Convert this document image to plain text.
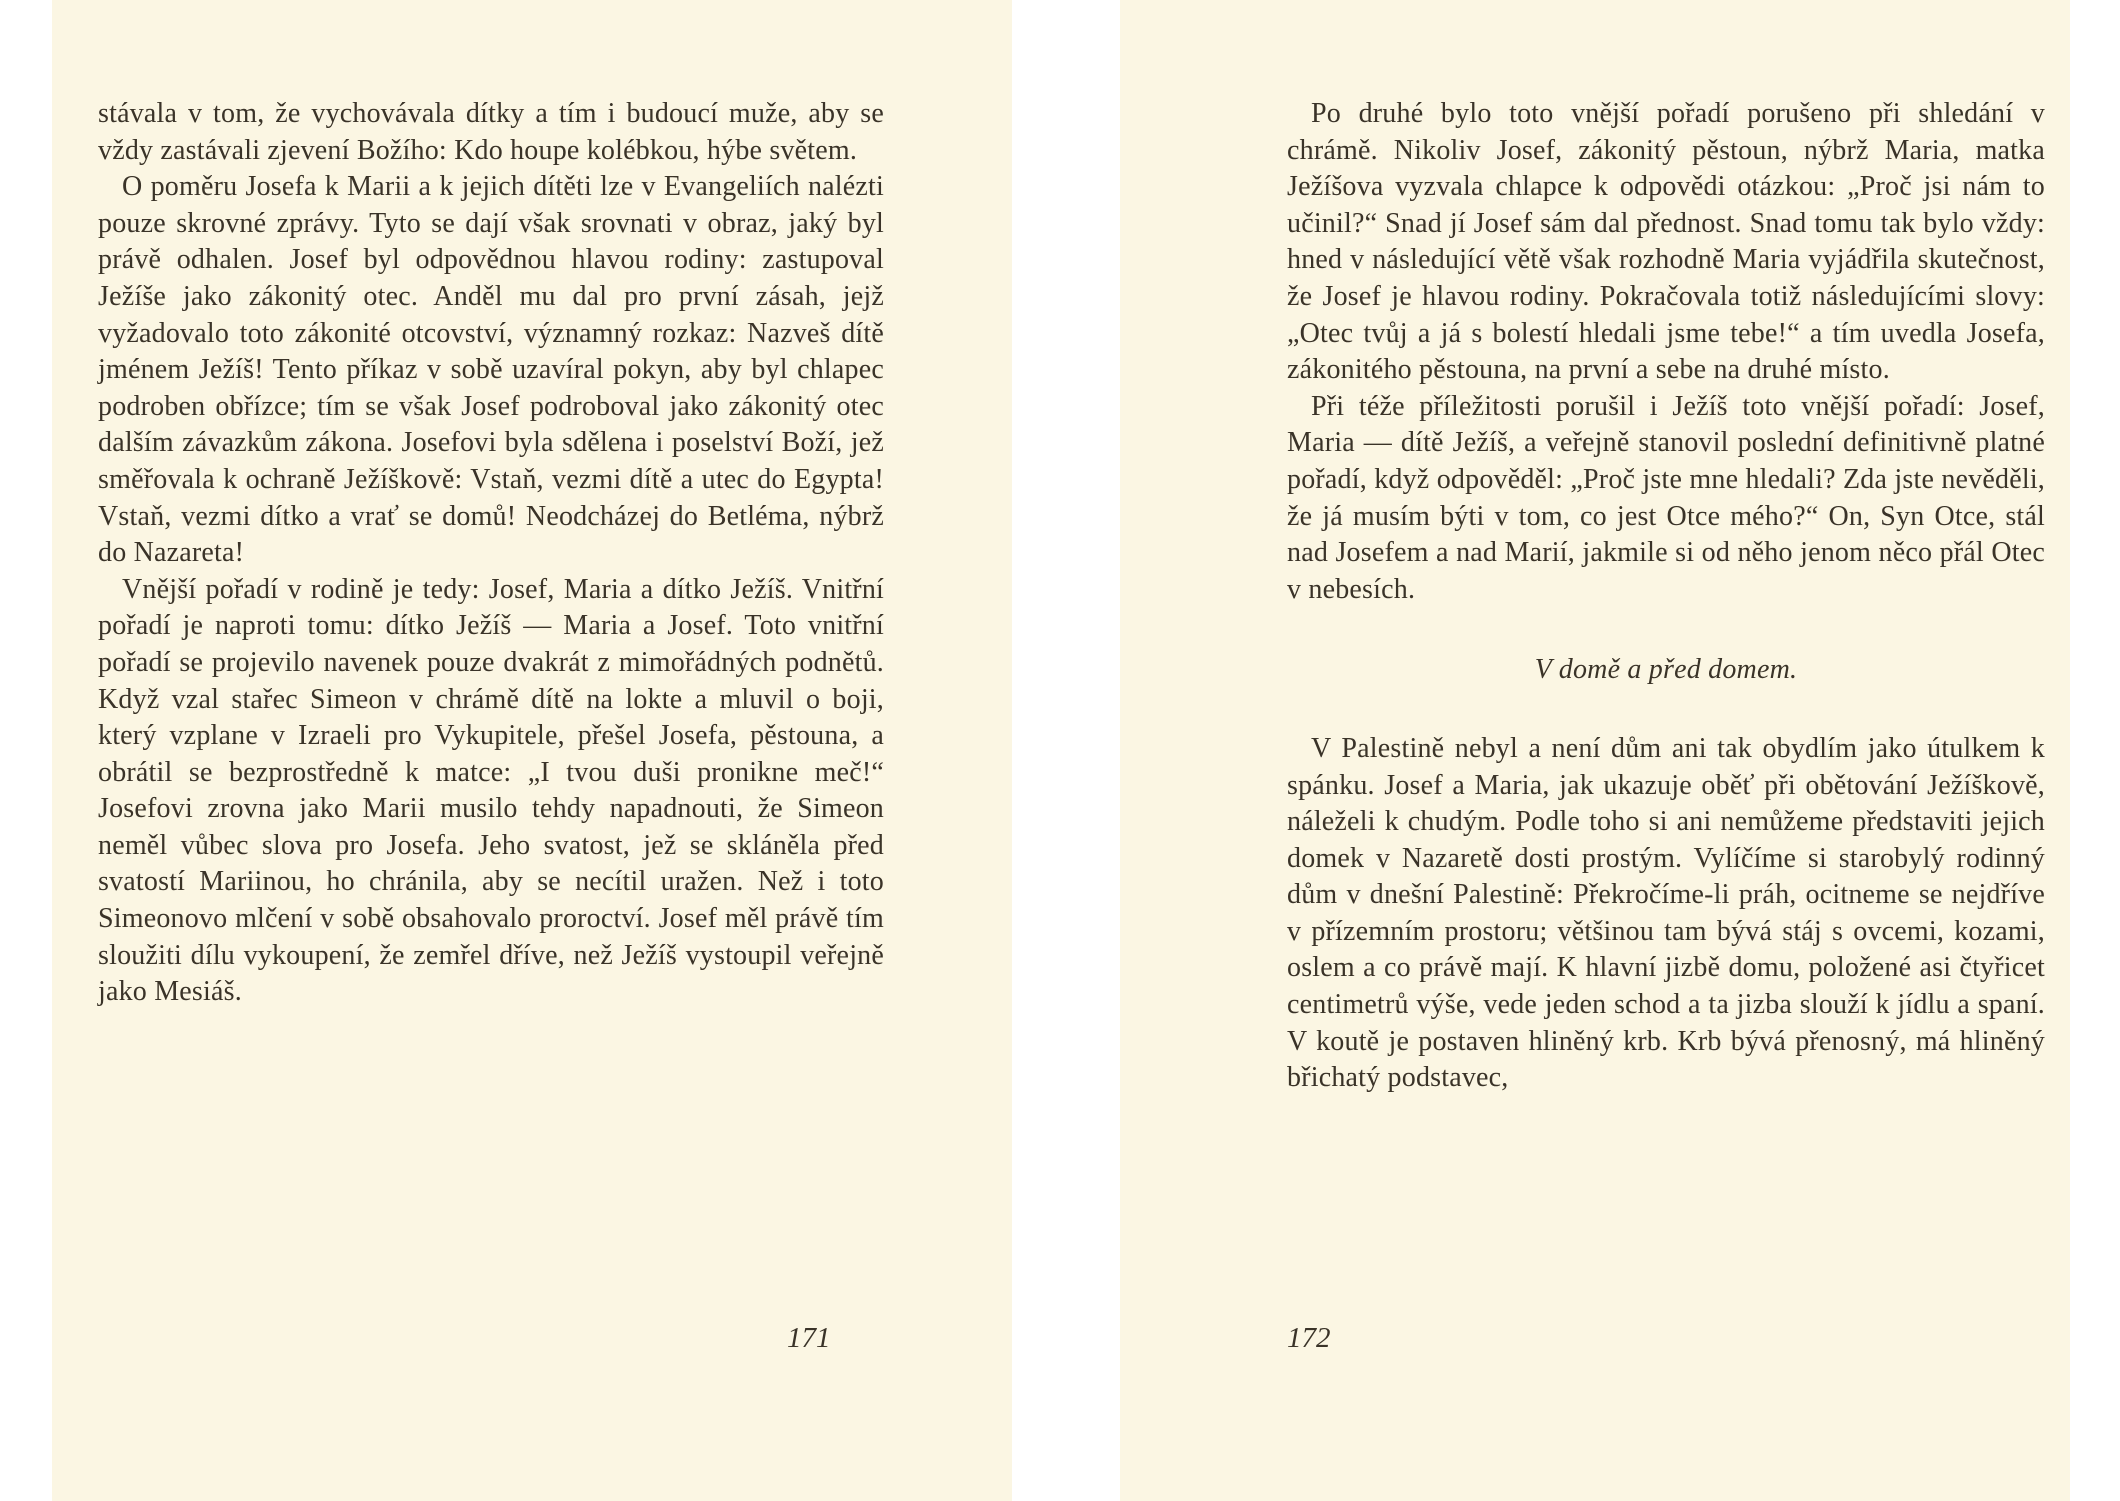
stávala v tom, že vychovávala dítky a tím i budoucí muže, aby se vždy zastávali zjevení Božího: Kdo houpe kolébkou, hýbe světem.

O poměru Josefa k Marii a k jejich dítěti lze v Evangeliích nalézti pouze skrovné zprávy. Tyto se dají však srovnati v obraz, jaký byl právě odhalen. Josef byl odpovědnou hlavou rodiny: zastupoval Ježíše jako zákonitý otec. Anděl mu dal pro první zásah, jejž vyžadovalo toto zákonité otcovství, významný rozkaz: Nazveš dítě jménem Ježíš! Tento příkaz v sobě uzavíral pokyn, aby byl chlapec podroben obřízce; tím se však Josef podroboval jako zákonitý otec dalším závazkům zákona. Josefovi byla sdělena i poselství Boží, jež směřovala k ochraně Ježíškově: Vstaň, vezmi dítě a utec do Egypta! Vstaň, vezmi dítko a vrať se domů! Neodcházej do Betléma, nýbrž do Nazareta!

Vnější pořadí v rodině je tedy: Josef, Maria a dítko Ježíš. Vnitřní pořadí je naproti tomu: dítko Ježíš — Maria a Josef. Toto vnitřní pořadí se projevilo navenek pouze dvakrát z mimořádných podnětů. Když vzal stařec Simeon v chrámě dítě na lokte a mluvil o boji, který vzplane v Izraeli pro Vykupitele, přešel Josefa, pěstouna, a obrátil se bezprostředně k matce: „I tvou duši pronikne meč!“ Josefovi zrovna jako Marii musilo tehdy napadnouti, že Simeon neměl vůbec slova pro Josefa. Jeho svatost, jež se skláněla před svatostí Mariinou, ho chránila, aby se necítil uražen. Než i toto Simeonovo mlčení v sobě obsahovalo proroctví. Josef měl právě tím sloužiti dílu vykoupení, že zemřel dříve, než Ježíš vystoupil veřejně jako Mesiáš.

171

Po druhé bylo toto vnější pořadí porušeno při shledání v chrámě. Nikoliv Josef, zákonitý pěstoun, nýbrž Maria, matka Ježíšova vyzvala chlapce k odpovědi otázkou: „Proč jsi nám to učinil?“ Snad jí Josef sám dal přednost. Snad tomu tak bylo vždy: hned v následující větě však rozhodně Maria vyjádřila skutečnost, že Josef je hlavou rodiny. Pokračovala totiž následujícími slovy: „Otec tvůj a já s bolestí hledali jsme tebe!“ a tím uvedla Josefa, zákonitého pěstouna, na první a sebe na druhé místo.

Při téže příležitosti porušil i Ježíš toto vnější pořadí: Josef, Maria — dítě Ježíš, a veřejně stanovil poslední definitivně platné pořadí, když odpověděl: „Proč jste mne hledali? Zda jste nevěděli, že já musím býti v tom, co jest Otce mého?“ On, Syn Otce, stál nad Josefem a nad Marií, jakmile si od něho jenom něco přál Otec v nebesích.

V domě a před domem.

V Palestině nebyl a není dům ani tak obydlím jako útulkem k spánku. Josef a Maria, jak ukazuje oběť při obětování Ježíškově, náleželi k chudým. Podle toho si ani nemůžeme představiti jejich domek v Nazaretě dosti prostým. Vylíčíme si starobylý rodinný dům v dnešní Palestině: Překročíme-li práh, ocitneme se nejdříve v přízemním prostoru; většinou tam bývá stáj s ovcemi, kozami, oslem a co právě mají. K hlavní jizbě domu, položené asi čtyřicet centimetrů výše, vede jeden schod a ta jizba slouží k jídlu a spaní. V koutě je postaven hliněný krb. Krb bývá přenosný, má hliněný břichatý podstavec,

172
